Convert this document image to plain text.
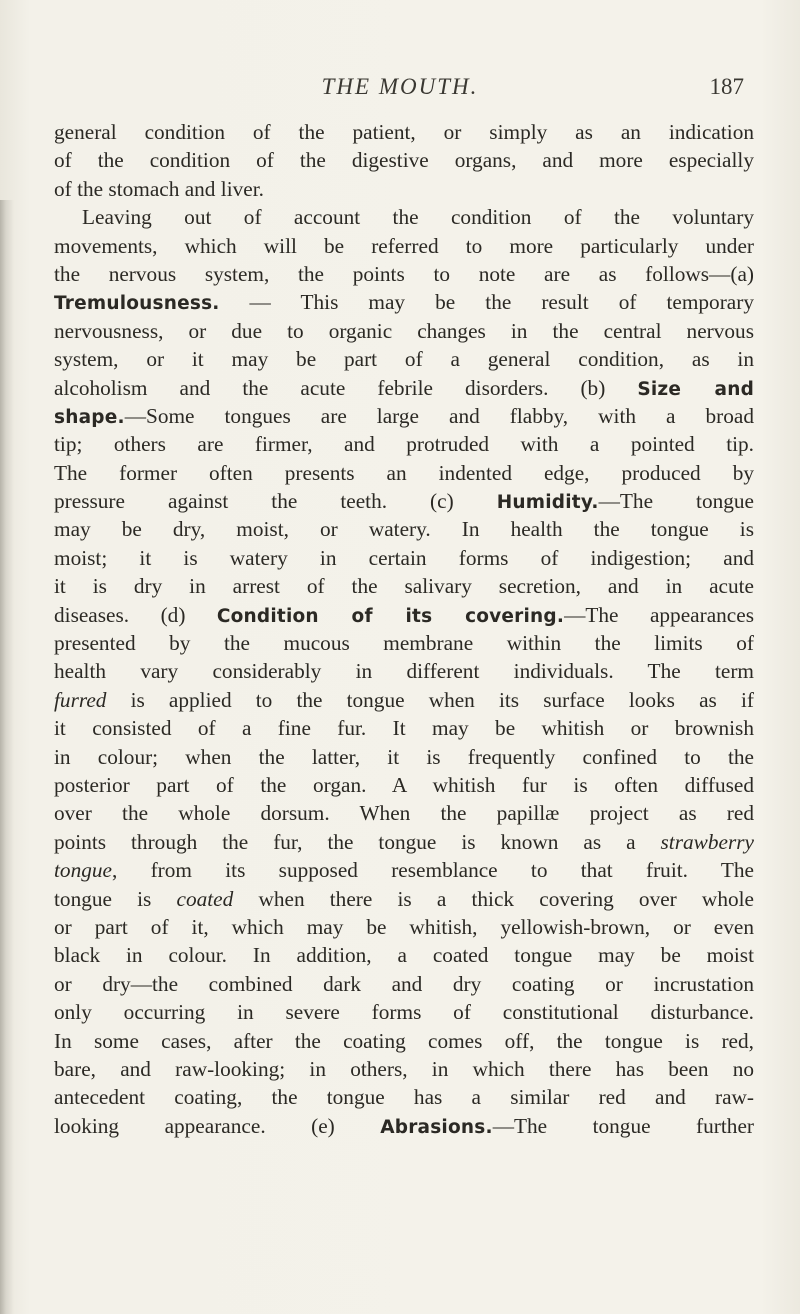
THE MOUTH.	187
general condition of the patient, or simply as an indication
of the condition of the digestive organs, and more especially
of the stomach and liver.
Leaving out of account the condition of the voluntary
movements, which will be referred to more particularly under
the nervous system, the points to note are as follows—(a)
Tremulousness. — This may be the result of temporary
nervousness, or due to organic changes in the central nervous
system, or it may be part of a general condition, as in
alcoholism and the acute febrile disorders. (b) Size and
shape.—Some tongues are large and flabby, with a broad
tip; others are firmer, and protruded with a pointed tip.
The former often presents an indented edge, produced by
pressure against the teeth. (c) Humidity.—The tongue
may be dry, moist, or watery. In health the tongue is
moist; it is watery in certain forms of indigestion; and
it is dry in arrest of the salivary secretion, and in acute
diseases. (d) Condition of its covering.—The appearances
presented by the mucous membrane within the limits of
health vary considerably in different individuals. The term
furred is applied to the tongue when its surface looks as if
it consisted of a fine fur. It may be whitish or brownish
in colour; when the latter, it is frequently confined to the
posterior part of the organ. A whitish fur is often diffused
over the whole dorsum. When the papillæ project as red
points through the fur, the tongue is known as a strawberry
tongue, from its supposed resemblance to that fruit. The
tongue is coated when there is a thick covering over whole
or part of it, which may be whitish, yellowish-brown, or even
black in colour. In addition, a coated tongue may be moist
or dry—the combined dark and dry coating or incrustation
only occurring in severe forms of constitutional disturbance.
In some cases, after the coating comes off, the tongue is red,
bare, and raw-looking; in others, in which there has been no
antecedent coating, the tongue has a similar red and raw-
looking appearance. (e) Abrasions.—The tongue further
